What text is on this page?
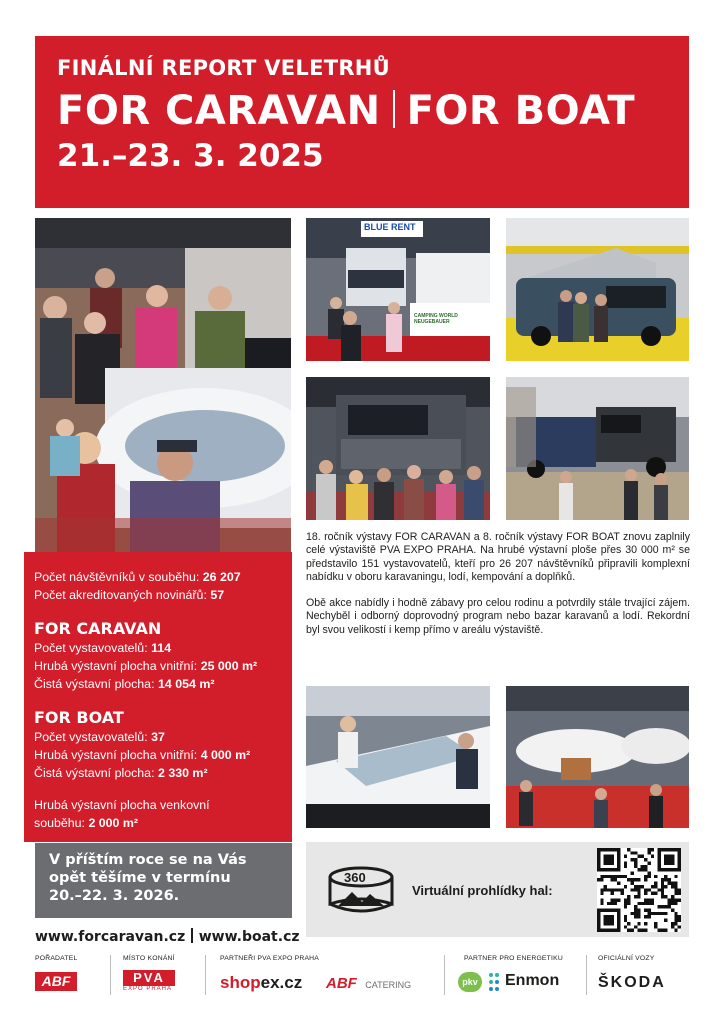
FINÁLNÍ REPORT VELETRHŮ
FOR CARAVAN FOR BOAT
21.–23. 3. 2025
BLUE RENT
CAMPING WORLD NEUGEBAUER
Počet návštěvníků v souběhu: 26 207
Počet akreditovaných novinářů: 57
FOR CARAVAN
Počet vystavovatelů: 114
Hrubá výstavní plocha vnitřní: 25 000 m²
Čistá výstavní plocha: 14 054 m²
FOR BOAT
Počet vystavovatelů: 37
Hrubá výstavní plocha vnitřní: 4 000 m²
Čistá výstavní plocha: 2 330 m²
Hrubá výstavní plocha venkovní
souběhu: 2 000 m²
V příštím roce se na Vás
opět těšíme v termínu
20.–22. 3. 2026.

18. ročník výstavy FOR CARAVAN a 8. ročník výstavy FOR BOAT znovu zaplnily celé výstaviště PVA EXPO PRAHA. Na hrubé výstavní ploše přes 30 000 m² se představilo 151 vystavovatelů, kteří pro 26 207 návštěvníků připravili komplexní nabídku v oboru karavaningu, lodí, kempování a doplňků.

Obě akce nabídly i hodně zábavy pro celou rodinu a potvrdily stále trvající zájem. Nechyběl i odborný doprovodný program nebo bazar karavanů a lodí. Rekordní byl svou velikostí i kemp přímo v areálu výstaviště.

360
Virtuální prohlídky hal:
www.forcaravan.cz www.boat.cz
POŘADATEL	MÍSTO KONÁNÍ	PARTNEŘI PVA EXPO PRAHA	PARTNER PRO ENERGETIKU	OFICIÁLNÍ VOZY
ABF	PVA
EXPO PRAHA	shopex.cz ABF CATERING	pkv Enmon ŠKODA
